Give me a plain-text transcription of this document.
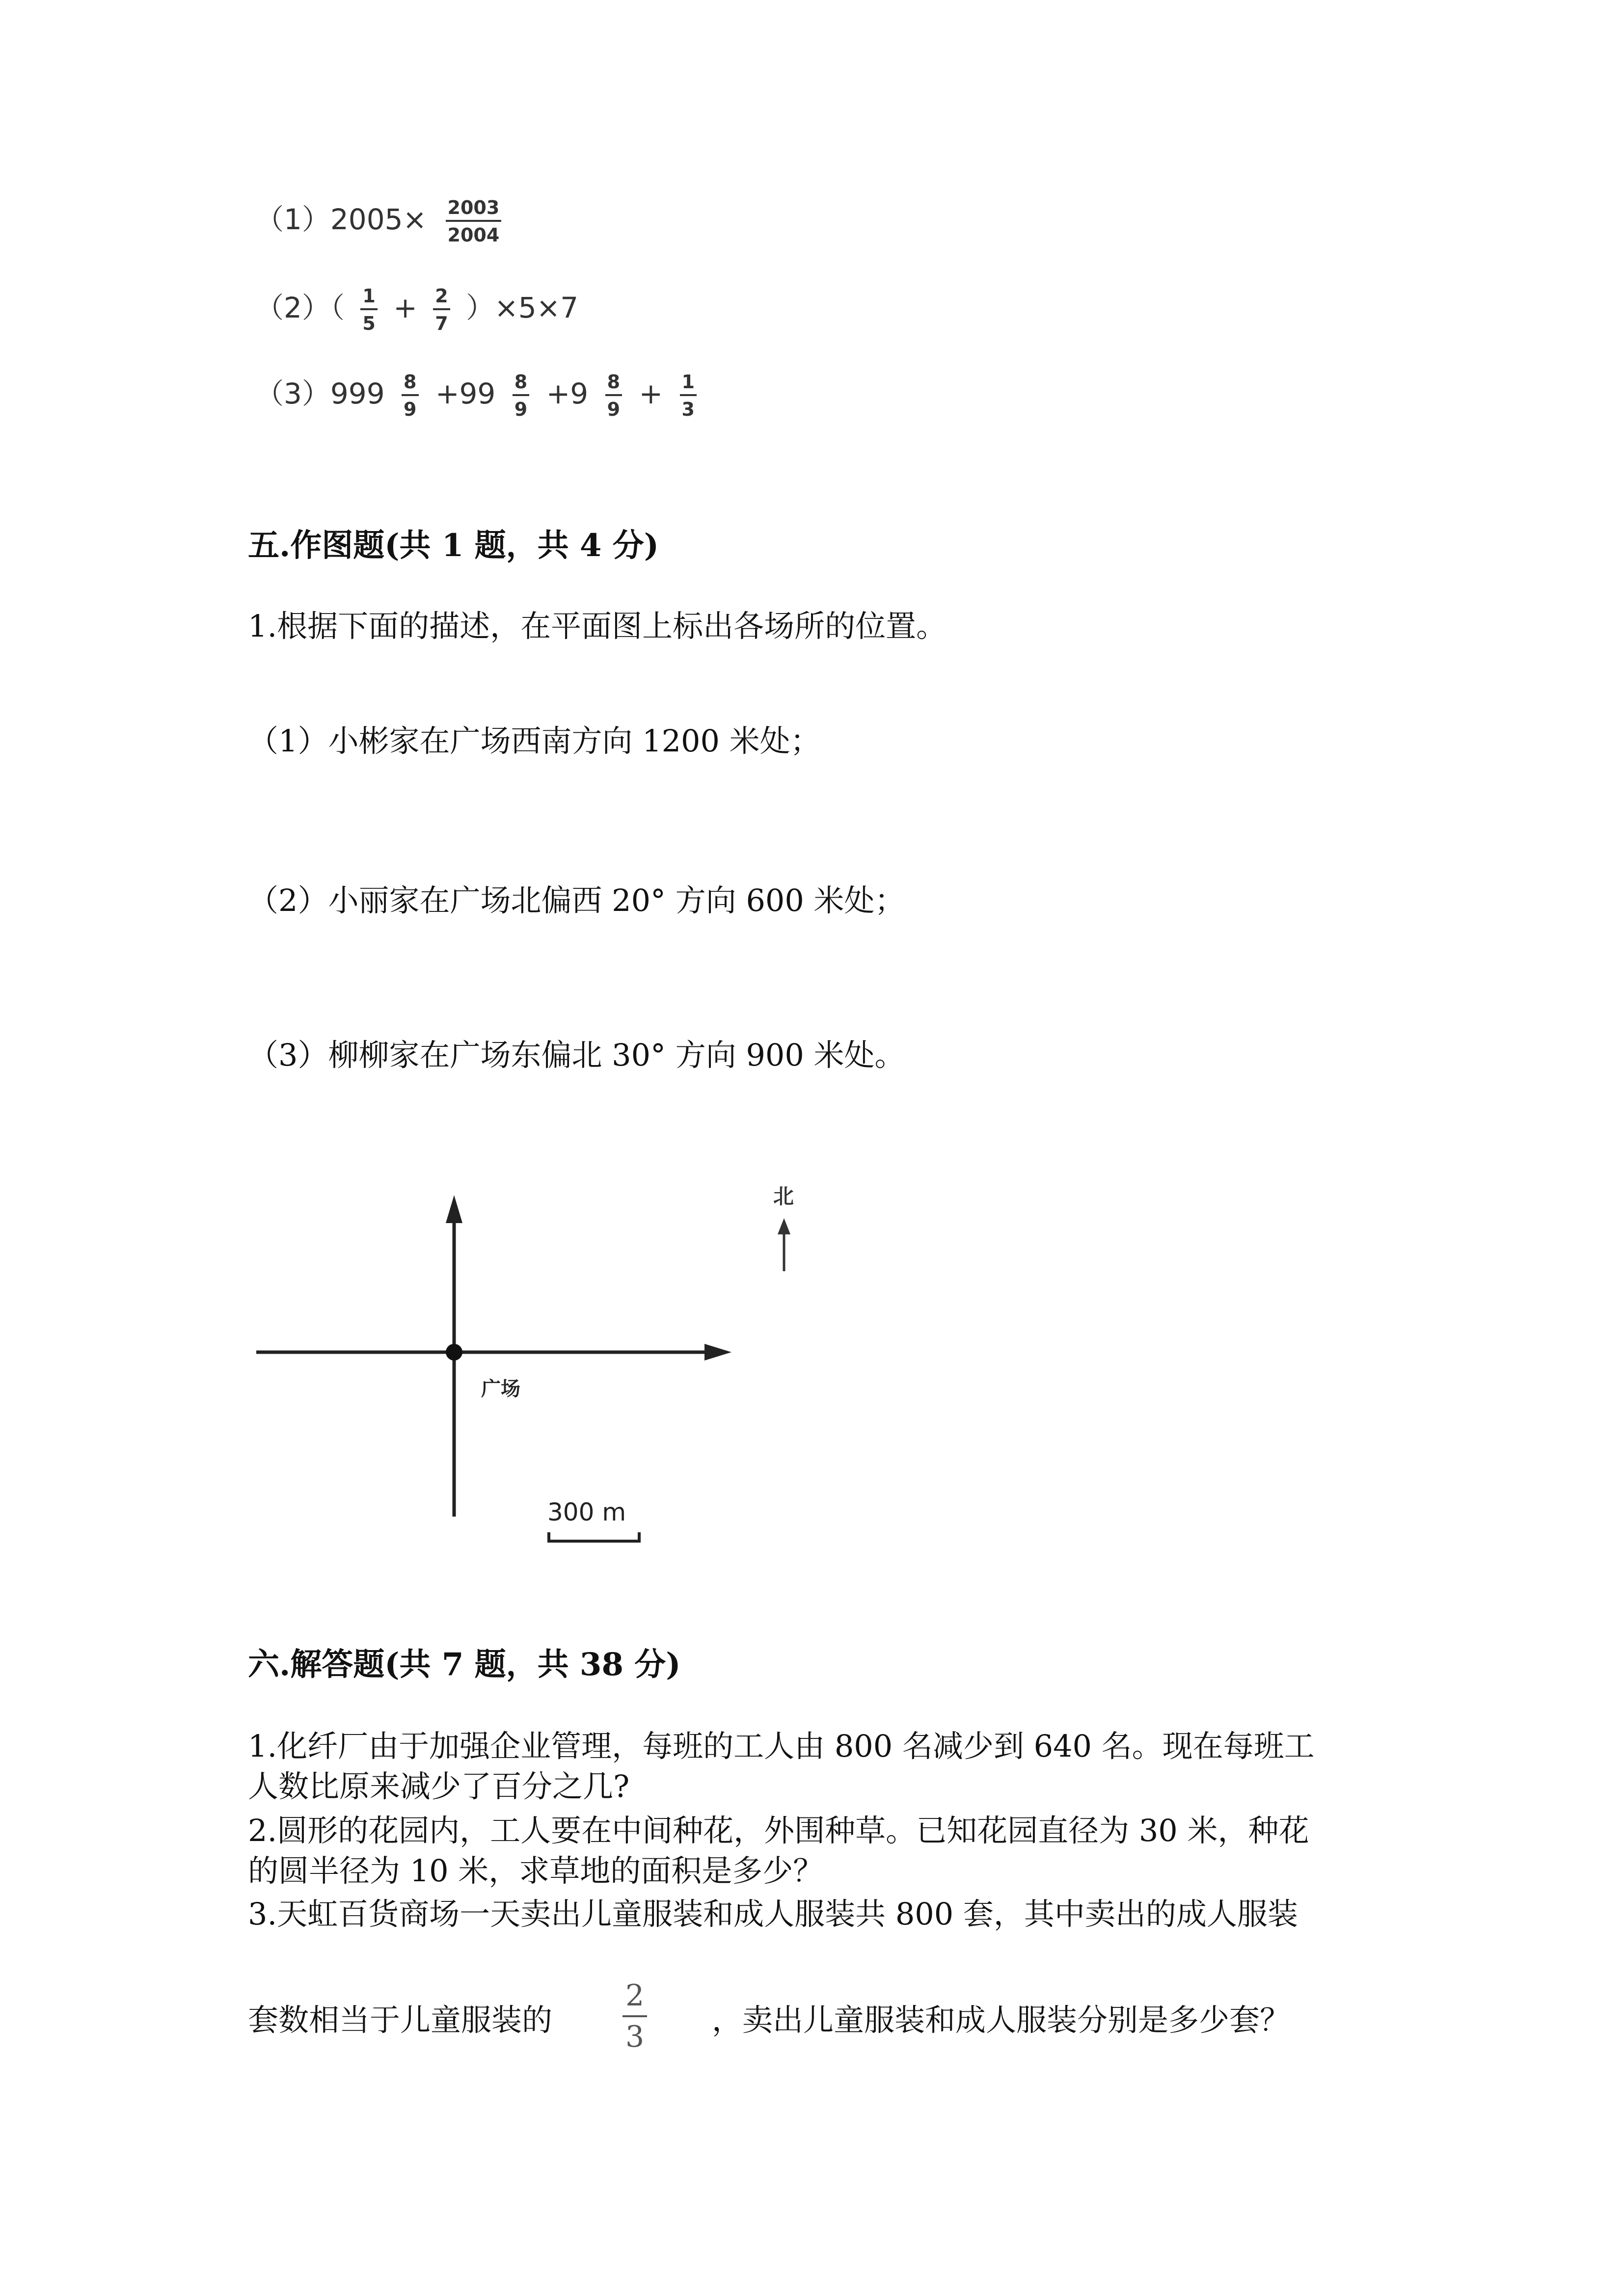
$(1)2005\times \frac{2003}{2004}$
$(2)( \frac{1}{5} + \frac{2}{7} )\times 5\times 7$
$(3)999 \frac{8}{9} +99 \frac{8}{9} +9 \frac{8}{9} + \frac{1}{3}$
五.作图题(共 1 题，共 4 分)
1.根据下面的描述，在平面图上标出各场所的位置。
（1）小彬家在广场西南方向 1200 米处；
（2）小丽家在广场北偏西 20° 方向 600 米处；
（3）柳柳家在广场东偏北 30° 方向 900 米处。
广场
北
300 m
六.解答题(共 7 题，共 38 分)
1.化纤厂由于加强企业管理，每班的工人由 800 名减少到 640 名。现在每班工
人数比原来减少了百分之几?
2.圆形的花园内，工人要在中间种花，外围种草。已知花园直径为 30 米，种花
的圆半径为 10 米，求草地的面积是多少？
3.天虹百货商场一天卖出儿童服装和成人服装共 800 套，其中卖出的成人服装
套数相当于儿童服装的 $\frac{2}{3}$ ，卖出儿童服装和成人服装分别是多少套？
